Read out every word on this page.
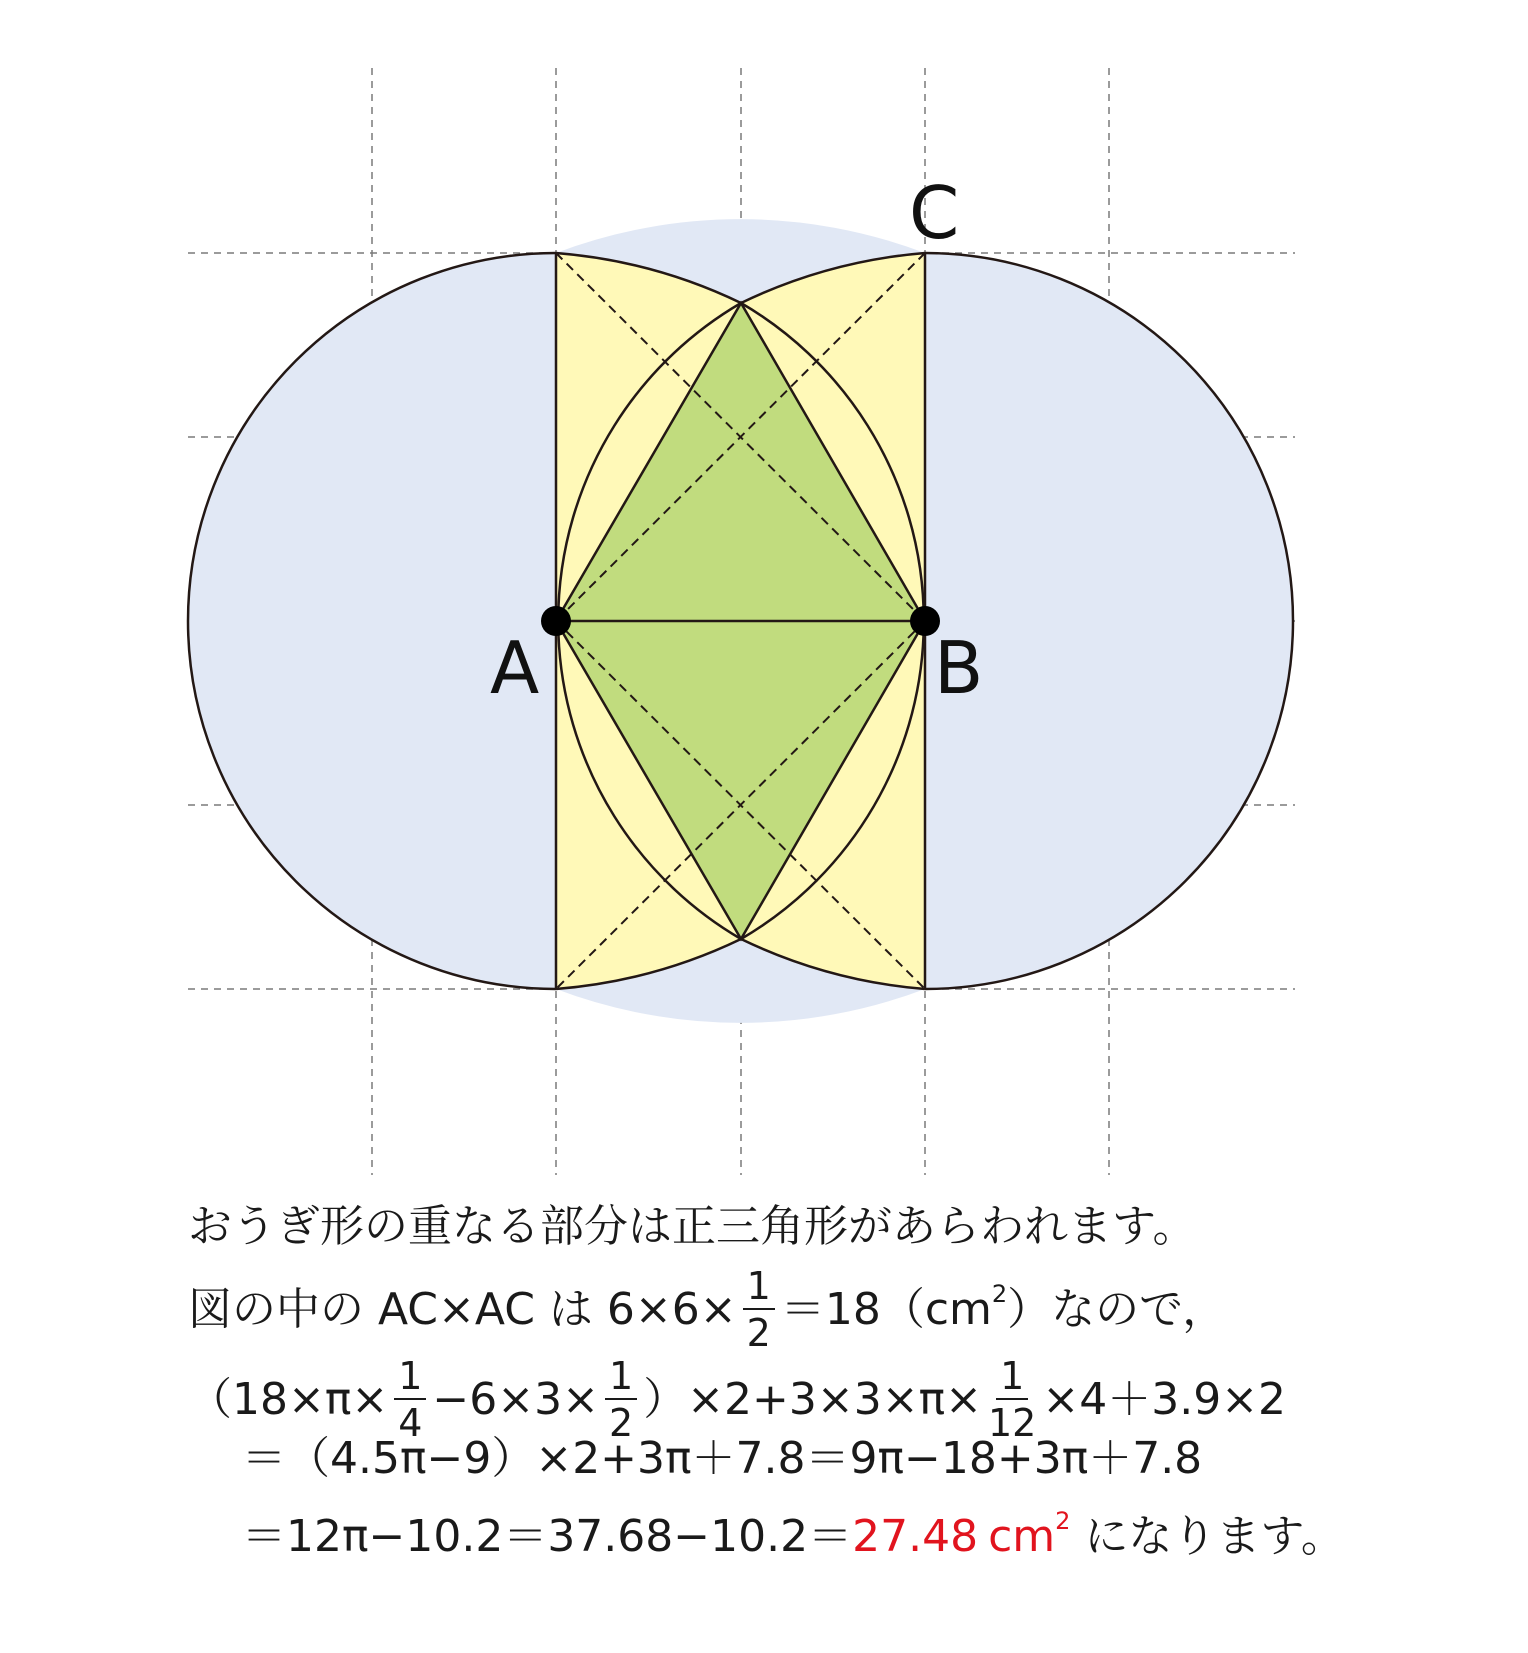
C
A	B
おうぎ形の重なる部分は正三角形があらわれます。
図の中の AC×AC は $6\times 6\times \frac{1}{2} =18(cm$ 2 ）なので，
$(18\times\pi\times \frac{1}{4} -6\times 3\times \frac{1}{2} )\times 2+3\times 3\times\pi\times \frac{1}{12} \times 4+3.9\times 2$
＝（4.5π−9）×2+3π＋7.8＝9π−18+3π＋7.8
＝12π−10.2＝37.68−10.2＝ 27.48 cm 2 になります。
